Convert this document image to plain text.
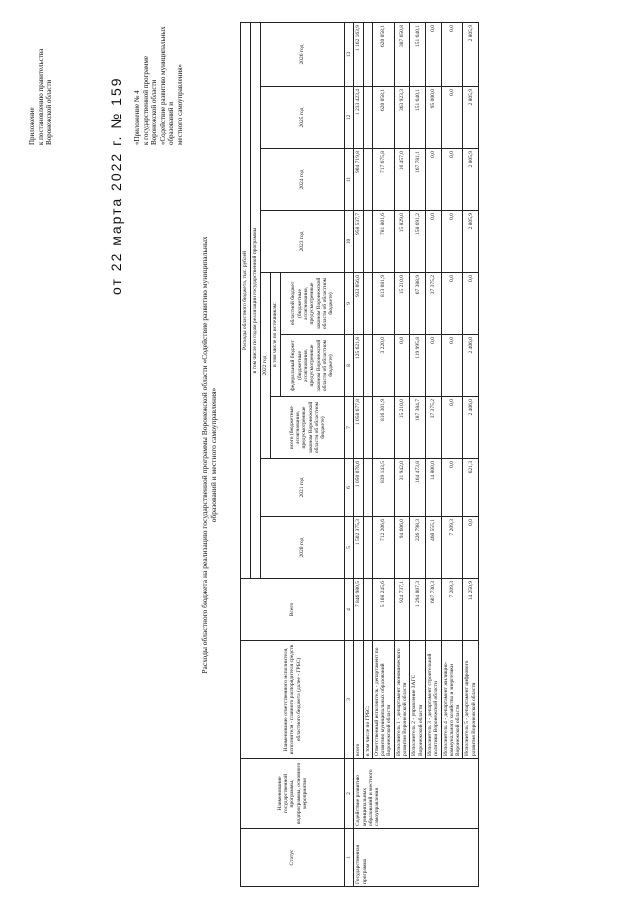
Приложение к постановлению правительства Воронежской области	от 22 марта 2022 г. № 159 «Приложение № 4 к государственной программе Воронежской области «Содействие развитию муниципальных образований и местного самоуправления»
Расходы областного бюджета на реализацию государственной программы Воронежской области «Содействие развитию муниципальных образований и местного самоуправления»
Статус	Наименование государственной программы, подпрограммы, основного мероприятия	Наименование ответственного исполнителя, исполнителя - главного распорядителя средств областного бюджета (далее - ГРБС)	Всего	Расходы областного бюджета, тыс. рублей								
				в том числе по годам реализации государственной программы								
				2020 год	2021 год	2022 год			2023 год	2024 год	2025 год	2026 год
						всего (бюджетные ассигнования, предусмотренные законом Воронежской области об областном бюджете)	в том числе по источникам:					
							федеральный бюджет (бюджетные ассигнования, предусмотренные законом Воронежской области об областном бюджете)	областной бюджет (бюджетные ассигнования, предусмотренные законом Воронежской области об областном бюджете)				

1	2	3	4	5	6	7	8	9	10	11	12	13
Государственная программа	Содействие развитию муниципальных образований и местного самоуправления	всего	7 846 980,5	1 502 375,3	1 050 078,6	1 058 677,8	125 621,8	933 056,0	958 537,7	904 719,8	1 233 423,4	1 162 163,9
		в том числе по ГРБС:										
		Ответственный исполнитель - департамент по развитию муниципальных образований Воронежской области	5 108 245,6	712 206,6	839 143,5	816 301,9	3 220,0	813 081,9	781 801,6	717 675,8	620 058,1	620 058,1
		Исполнитель 1 - департамент экономического развития Воронежской области	924 737,1	94 606,0	31 942,0	15 210,0	0,0	15 210,0	15 829,0	16 457,0	363 923,3	387 650,8
		Исполнитель 2 - управление ЗАГС Воронежской области	1 294 807,3	226 798,3	164 473,8	187 384,7	119 995,8	67 388,9	158 691,2	167 781,1	151 640,1	151 640,1
		Исполнитель 3 - департамент строительной политики Воронежской области	607 730,3	460 555,1	14 800,0	37 375,2	0,0	37 375,2	0,0	0,0	95 000,0	0,0
		Исполнитель 4 - департамент жилищно-коммунального хозяйства и энергетики Воронежской области	7 209,3	7 209,3	0,0	0,0	0,0	0,0	0,0	0,0	0,0	0,0
		Исполнитель 5 - департамент цифрового развития Воронежской области	14 250,9	0,0	621,3	2 406,0	2 406,0	0,0	2 805,9	2 805,9	2 805,9	2 805,9
